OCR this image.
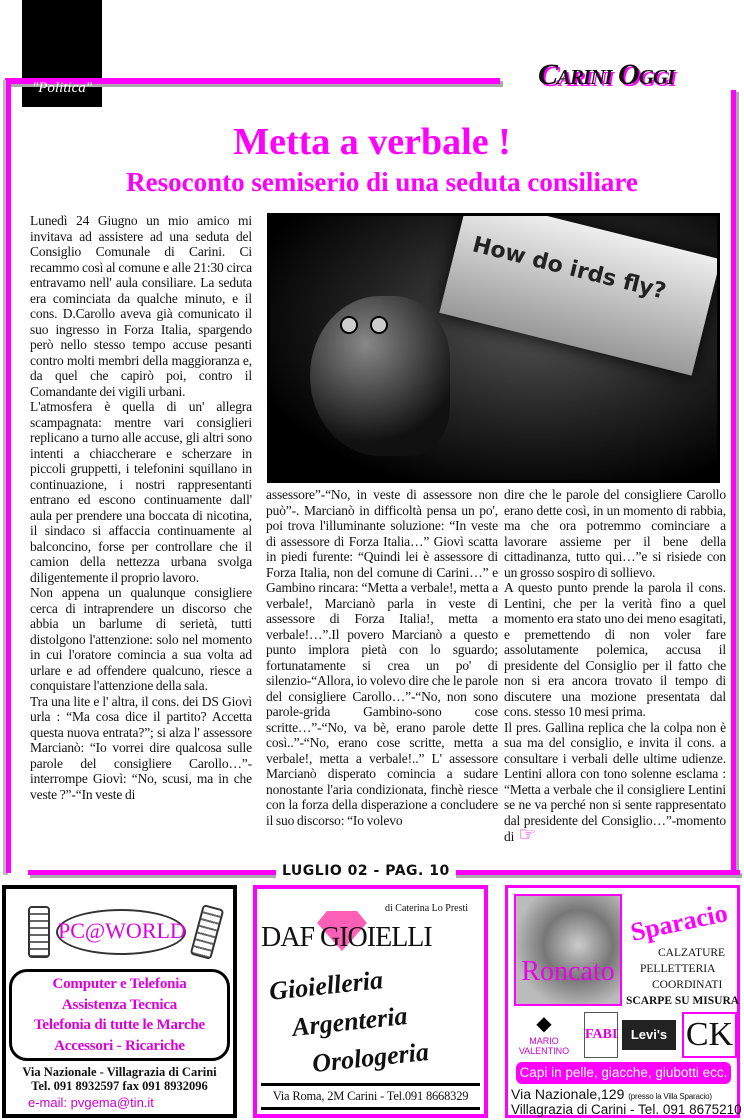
"Politica"	Carini Oggi
Metta a verbale !
Resoconto semiserio di una seduta consiliare

Lunedì 24 Giugno un mio amico mi invitava ad assistere ad una seduta del Consiglio Comunale di Carini. Ci recammo così al comune e alle 21:30 circa entravamo nell' aula consiliare. La seduta era cominciata da qualche minuto, e il cons. D.Carollo aveva già comunicato il suo ingresso in Forza Italia, spargendo però nello stesso tempo accuse pesanti contro molti membri della maggioranza e, da quel che capirò poi, contro il Comandante dei vigili urbani.

L'atmosfera è quella di un' allegra scampagnata: mentre vari consiglieri replicano a turno alle accuse, gli altri sono intenti a chiaccherare e scherzare in piccoli gruppetti, i telefonini squillano in continuazione, i nostri rappresentanti entrano ed escono continuamente dall' aula per prendere una boccata di nicotina, il sindaco si affaccia continuamente al balconcino, forse per controllare che il camion della nettezza urbana svolga diligentemente il proprio lavoro.

Non appena un qualunque consigliere cerca di intraprendere un discorso che abbia un barlume di serietà, tutti distolgono l'attenzione: solo nel momento in cui l'oratore comincia a sua volta ad urlare e ad offendere qualcuno, riesce a conquistare l'attenzione della sala.

Tra una lite e l' altra, il cons. dei DS Giovì urla : “Ma cosa dice il partito? Accetta questa nuova entrata?”; si alza l' assessore Marcianò: “Io vorrei dire qualcosa sulle parole del consigliere Carollo…”-interrompe Giovì: “No, scusi, ma in che veste ?”-“In veste di

How do irds fly?

assessore”-“No, in veste di assessore non può”-. Marcianò in difficoltà pensa un po', poi trova l'illuminante soluzione: “In veste di assessore di Forza Italia…” Giovì scatta in piedi furente: “Quindi lei è assessore di Forza Italia, non del comune di Carini…” e Gambino rincara: “Metta a verbale!, metta a verbale!, Marcianò parla in veste di assessore di Forza Italia!, metta a verbale!…”.Il povero Marcianò a questo punto implora pietà con lo sguardo; fortunatamente si crea un po' di silenzio-“Allora, io volevo dire che le parole del consigliere Carollo…”-“No, non sono parole-grida Gambino-sono cose scritte…”-“No, va bè, erano parole dette così..”-“No, erano cose scritte, metta a verbale!, metta a verbale!..” L' assessore Marcianò disperato comincia a sudare nonostante l'aria condizionata, finchè riesce con la forza della disperazione a concludere il suo discorso: “Io volevo

dire che le parole del consigliere Carollo erano dette così, in un momento di rabbia, ma che ora potremmo cominciare a lavorare assieme per il bene della cittadinanza, tutto qui…”e si risiede con un grosso sospiro di sollievo.

A questo punto prende la parola il cons. Lentini, che per la verità fino a quel momento era stato uno dei meno esagitati, e premettendo di non voler fare assolutamente polemica, accusa il presidente del Consiglio per il fatto che non si era ancora trovato il tempo di discutere una mozione presentata dal cons. stesso 10 mesi prima.

Il pres. Gallina replica che la colpa non è sua ma del consiglio, e invita il cons. a consultare i verbali delle ultime udienze. Lentini allora con tono solenne esclama : “Metta a verbale che il consigliere Lentini se ne va perché non si sente rappresentato dal presidente del Consiglio…”-momento di ☞

LUGLIO 02 - PAG. 10
PC@WORLD
Computer e Telefonia
Assistenza Tecnica
Telefonia di tutte le Marche
Accessori - Ricariche
Via Nazionale - Villagrazia di Carini
Tel. 091 8932597 fax 091 8932096
e-mail: pvgema@tin.it
di Caterina Lo Presti
DAF GIOIELLI
Gioielleria
Argenteria
Orologeria
Via Roma, 2M Carini - Tel.091 8668329
Roncato
Sparacio
CALZATURE
PELLETTERIA
COORDINATI
SCARPE SU MISURA
◆
MARIO VALENTINO
FABI	Levi's CK
Capi in pelle, giacche, giubotti ecc.
Via Nazionale,129 (presso la Villa Sparacio)
Villagrazia di Carini - Tel. 091 8675210
